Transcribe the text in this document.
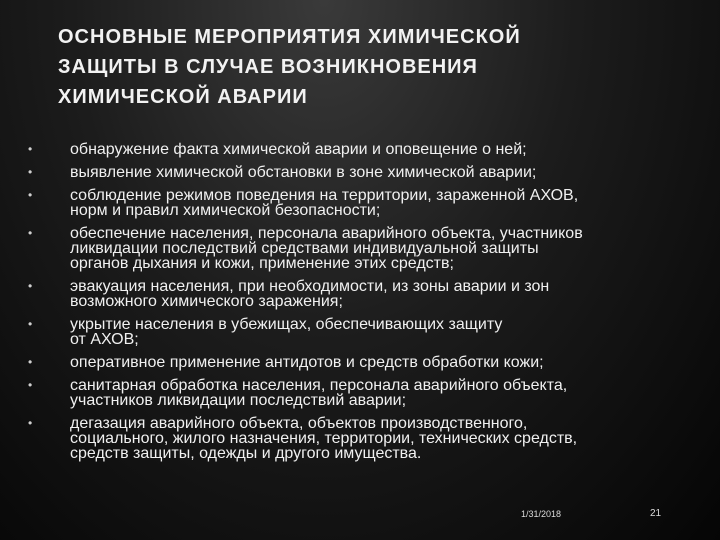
ОСНОВНЫЕ МЕРОПРИЯТИЯ ХИМИЧЕСКОЙ
ЗАЩИТЫ В СЛУЧАЕ ВОЗНИКНОВЕНИЯ
ХИМИЧЕСКОЙ АВАРИИ
• обнаружение факта химической аварии и оповещение о ней;
• выявление химической обстановки в зоне химической аварии;
• соблюдение режимов поведения на территории, зараженной АХОВ,
норм и правил химической безопасности;
• обеспечение населения, персонала аварийного объекта, участников
ликвидации последствий средствами индивидуальной защиты
органов дыхания и кожи, применение этих средств;
• эвакуация населения, при необходимости, из зоны аварии и зон
возможного химического заражения;
• укрытие населения в убежищах, обеспечивающих защиту
от АХОВ;
• оперативное применение антидотов и средств обработки кожи;
• санитарная обработка населения, персонала аварийного объекта,
участников ликвидации последствий аварии;
• дегазация аварийного объекта, объектов производственного,
социального, жилого назначения, территории, технических средств,
средств защиты, одежды и другого имущества.
1/31/2018	21
